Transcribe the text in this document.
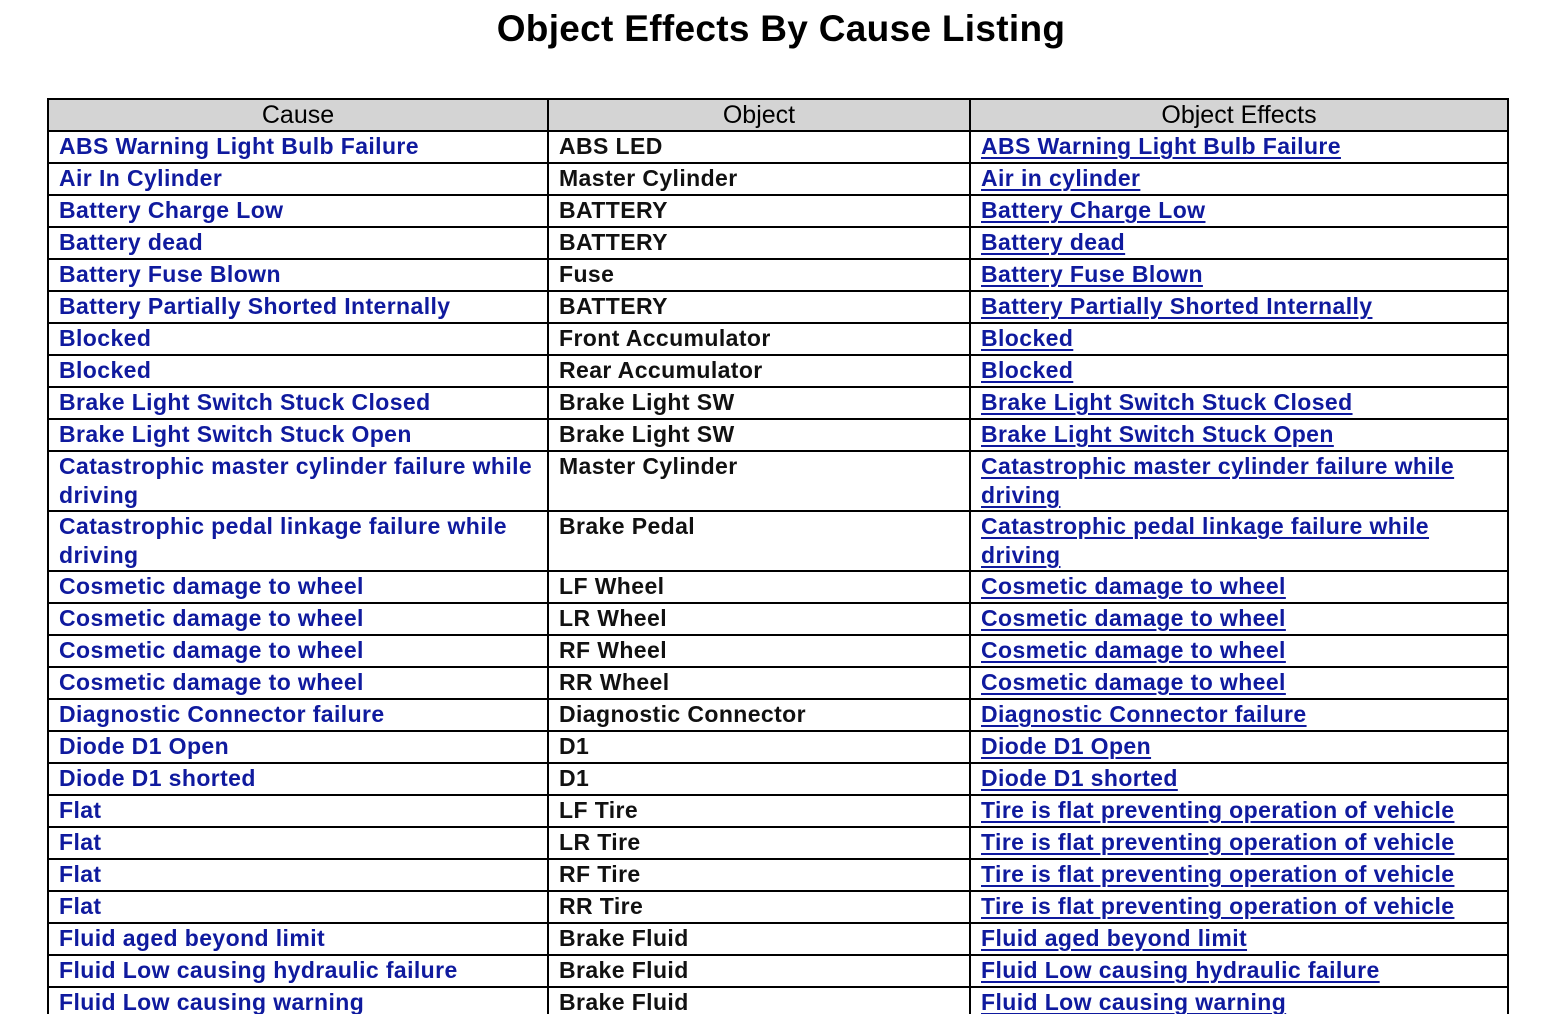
Object Effects By Cause Listing
Cause	Object	Object Effects
ABS Warning Light Bulb Failure	ABS LED	ABS Warning Light Bulb Failure
Air In Cylinder	Master Cylinder	Air in cylinder
Battery Charge Low	BATTERY	Battery Charge Low
Battery dead	BATTERY	Battery dead
Battery Fuse Blown	Fuse	Battery Fuse Blown
Battery Partially Shorted Internally	BATTERY	Battery Partially Shorted Internally
Blocked	Front Accumulator	Blocked
Blocked	Rear Accumulator	Blocked
Brake Light Switch Stuck Closed	Brake Light SW	Brake Light Switch Stuck Closed
Brake Light Switch Stuck Open	Brake Light SW	Brake Light Switch Stuck Open
Catastrophic master cylinder failure while driving	Master Cylinder	Catastrophic master cylinder failure while driving
Catastrophic pedal linkage failure while driving	Brake Pedal	Catastrophic pedal linkage failure while driving
Cosmetic damage to wheel	LF Wheel	Cosmetic damage to wheel
Cosmetic damage to wheel	LR Wheel	Cosmetic damage to wheel
Cosmetic damage to wheel	RF Wheel	Cosmetic damage to wheel
Cosmetic damage to wheel	RR Wheel	Cosmetic damage to wheel
Diagnostic Connector failure	Diagnostic Connector	Diagnostic Connector failure
Diode D1 Open	D1	Diode D1 Open
Diode D1 shorted	D1	Diode D1 shorted
Flat	LF Tire	Tire is flat preventing operation of vehicle
Flat	LR Tire	Tire is flat preventing operation of vehicle
Flat	RF Tire	Tire is flat preventing operation of vehicle
Flat	RR Tire	Tire is flat preventing operation of vehicle
Fluid aged beyond limit	Brake Fluid	Fluid aged beyond limit
Fluid Low causing hydraulic failure	Brake Fluid	Fluid Low causing hydraulic failure
Fluid Low causing warning	Brake Fluid	Fluid Low causing warning
